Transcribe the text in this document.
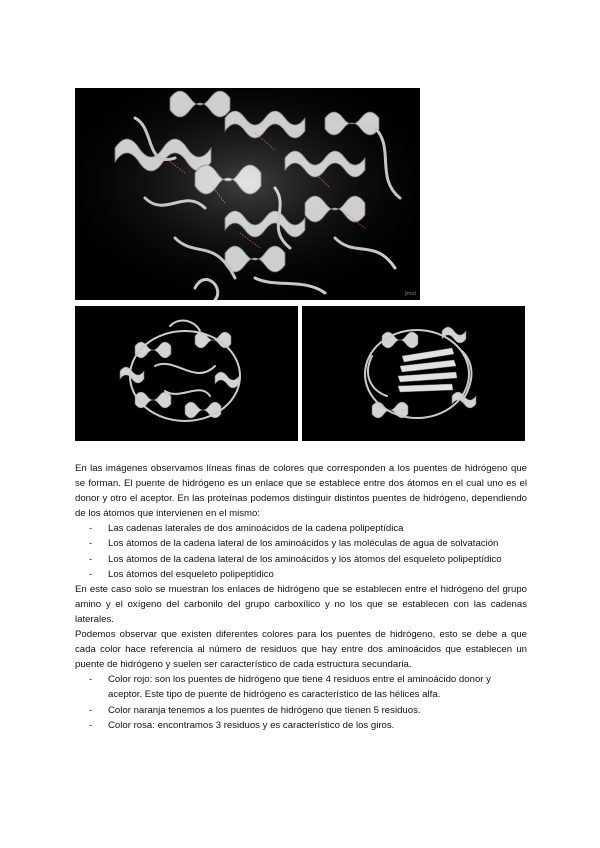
Jmol

En las imágenes observamos líneas finas de colores que corresponden a los puentes de hidrógeno que se forman. El puente de hidrógeno es un enlace que se establece entre dos átomos en el cual uno es el donor y otro el aceptor. En las proteínas podemos distinguir distintos puentes de hidrógeno, dependiendo de los átomos que intervienen en el mismo:

- Las cadenas laterales de dos aminoácidos de la cadena polipeptídica
- Los átomos de la cadena lateral de los aminoácidos y las moléculas de agua de solvatación
- Los átomos de la cadena lateral de los aminoácidos y los átomos del esqueleto polipeptídico
- Los átomos del esqueleto polipeptídico

En este caso solo se muestran los enlaces de hidrógeno que se establecen entre el hidrógeno del grupo amino y el oxígeno del carbonilo del grupo carboxílico y no los que se establecen con las cadenas laterales.

Podemos observar que existen diferentes colores para los puentes de hidrógeno, esto se debe a que cada color hace referencia al número de residuos que hay entre dos aminoácidos que establecen un puente de hidrógeno y suelen ser característico de cada estructura secundaria.

- Color rojo: son los puentes de hidrógeno que tiene 4 residuos entre el aminoácido donor y aceptor. Este tipo de puente de hidrógeno es característico de las hélices alfa.
- Color naranja tenemos a los puentes de hidrógeno que tienen 5 residuos.
- Color rosa: encontramos 3 residuos y es característico de los giros.
